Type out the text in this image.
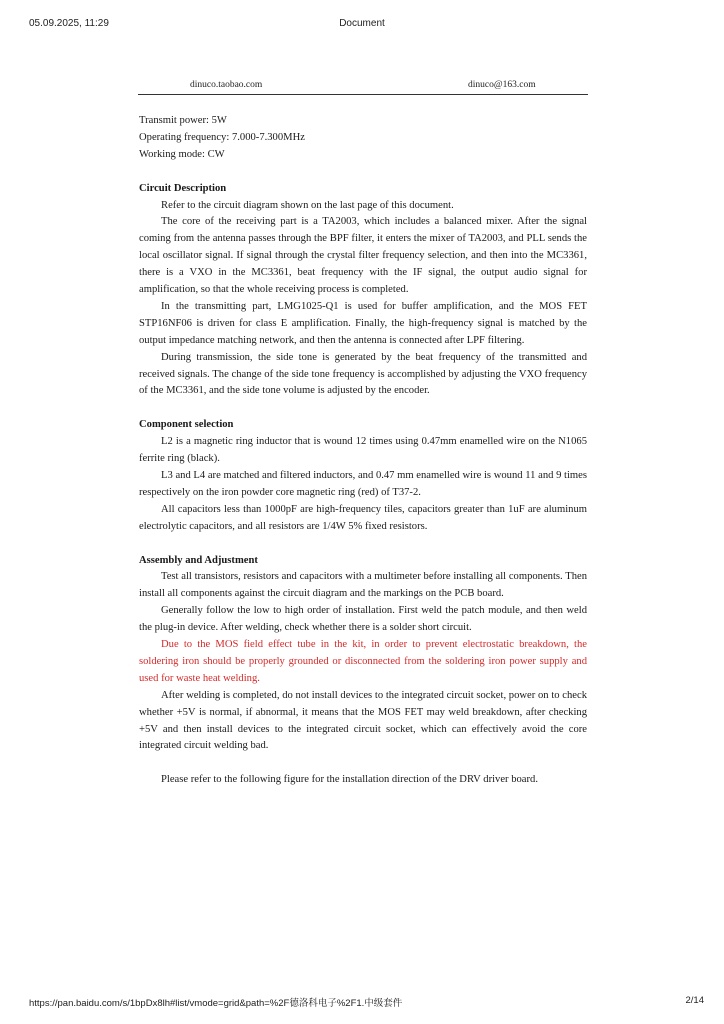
05.09.2025, 11:29	Document
dinuco.taobao.com	dinuco@163.com

Transmit power: 5W

Operating frequency: 7.000-7.300MHz

Working mode: CW

Circuit Description

Refer to the circuit diagram shown on the last page of this document.

The core of the receiving part is a TA2003, which includes a balanced mixer. After the signal coming from the antenna passes through the BPF filter, it enters the mixer of TA2003, and PLL sends the local oscillator signal. If signal through the crystal filter frequency selection, and then into the MC3361, there is a VXO in the MC3361, beat frequency with the IF signal, the output audio signal for amplification, so that the whole receiving process is completed.

In the transmitting part, LMG1025-Q1 is used for buffer amplification, and the MOS FET STP16NF06 is driven for class E amplification. Finally, the high-frequency signal is matched by the output impedance matching network, and then the antenna is connected after LPF filtering.

During transmission, the side tone is generated by the beat frequency of the transmitted and received signals. The change of the side tone frequency is accomplished by adjusting the VXO frequency of the MC3361, and the side tone volume is adjusted by the encoder.

Component selection

L2 is a magnetic ring inductor that is wound 12 times using 0.47mm enamelled wire on the N1065 ferrite ring (black).

L3 and L4 are matched and filtered inductors, and 0.47 mm enamelled wire is wound 11 and 9 times respectively on the iron powder core magnetic ring (red) of T37-2.

All capacitors less than 1000pF are high-frequency tiles, capacitors greater than 1uF are aluminum electrolytic capacitors, and all resistors are 1/4W 5% fixed resistors.

Assembly and Adjustment

Test all transistors, resistors and capacitors with a multimeter before installing all components. Then install all components against the circuit diagram and the markings on the PCB board.

Generally follow the low to high order of installation. First weld the patch module, and then weld the plug-in device. After welding, check whether there is a solder short circuit.

Due to the MOS field effect tube in the kit, in order to prevent electrostatic breakdown, the soldering iron should be properly grounded or disconnected from the soldering iron power supply and used for waste heat welding.

After welding is completed, do not install devices to the integrated circuit socket, power on to check whether +5V is normal, if abnormal, it means that the MOS FET may weld breakdown, after checking +5V and then install devices to the integrated circuit socket, which can effectively avoid the core integrated circuit welding bad.

Please refer to the following figure for the installation direction of the DRV driver board.

https://pan.baidu.com/s/1bpDx8lh#list/vmode=grid&path=%2F德洛科电子%2F1.中级套件	2/14
